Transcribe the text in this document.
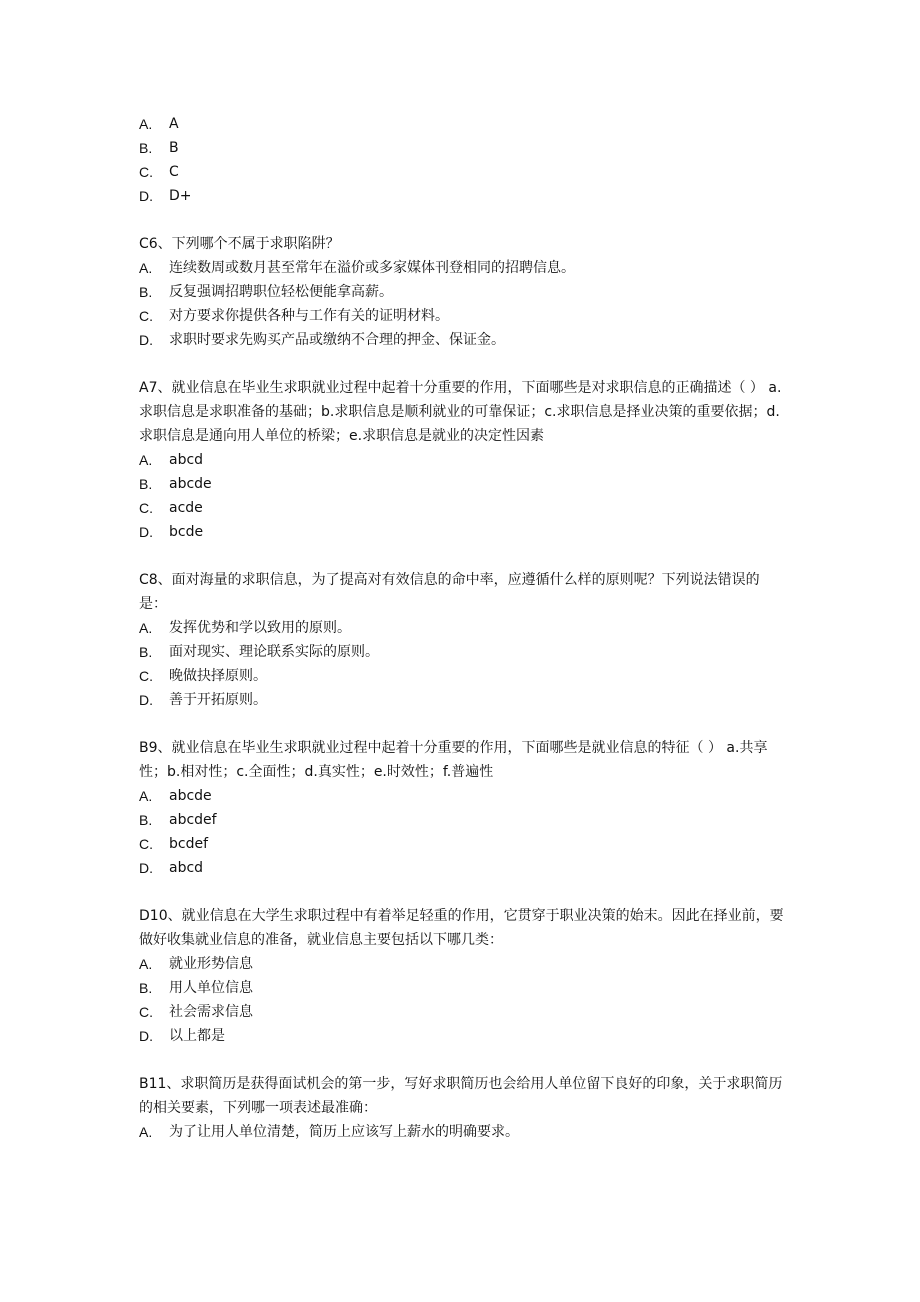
A.	A
B.	B
C.	C
D.	D+

C6、下列哪个不属于求职陷阱？

A.	连续数周或数月甚至常年在溢价或多家媒体刊登相同的招聘信息。
B.	反复强调招聘职位轻松便能拿高薪。
C.	对方要求你提供各种与工作有关的证明材料。
D.	求职时要求先购买产品或缴纳不合理的押金、保证金。

A7、就业信息在毕业生求职就业过程中起着十分重要的作用，下面哪些是对求职信息的正确描述（ ） a.求职信息是求职准备的基础；b.求职信息是顺利就业的可靠保证；c.求职信息是择业决策的重要依据；d.求职信息是通向用人单位的桥梁；e.求职信息是就业的决定性因素

A.	abcd
B.	abcde
C.	acde
D.	bcde

C8、面对海量的求职信息，为了提高对有效信息的命中率，应遵循什么样的原则呢？下列说法错误的是：

A.	发挥优势和学以致用的原则。
B.	面对现实、理论联系实际的原则。
C.	晚做抉择原则。
D.	善于开拓原则。

B9、就业信息在毕业生求职就业过程中起着十分重要的作用，下面哪些是就业信息的特征（ ） a.共享性；b.相对性；c.全面性；d.真实性；e.时效性；f.普遍性

A.	abcde
B.	abcdef
C.	bcdef
D.	abcd

D10、就业信息在大学生求职过程中有着举足轻重的作用，它贯穿于职业决策的始末。因此在择业前，要做好收集就业信息的准备，就业信息主要包括以下哪几类：

A.	就业形势信息
B.	用人单位信息
C.	社会需求信息
D.	以上都是

B11、求职简历是获得面试机会的第一步，写好求职简历也会给用人单位留下良好的印象，关于求职简历的相关要素，下列哪一项表述最准确：

A.	为了让用人单位清楚，简历上应该写上薪水的明确要求。
